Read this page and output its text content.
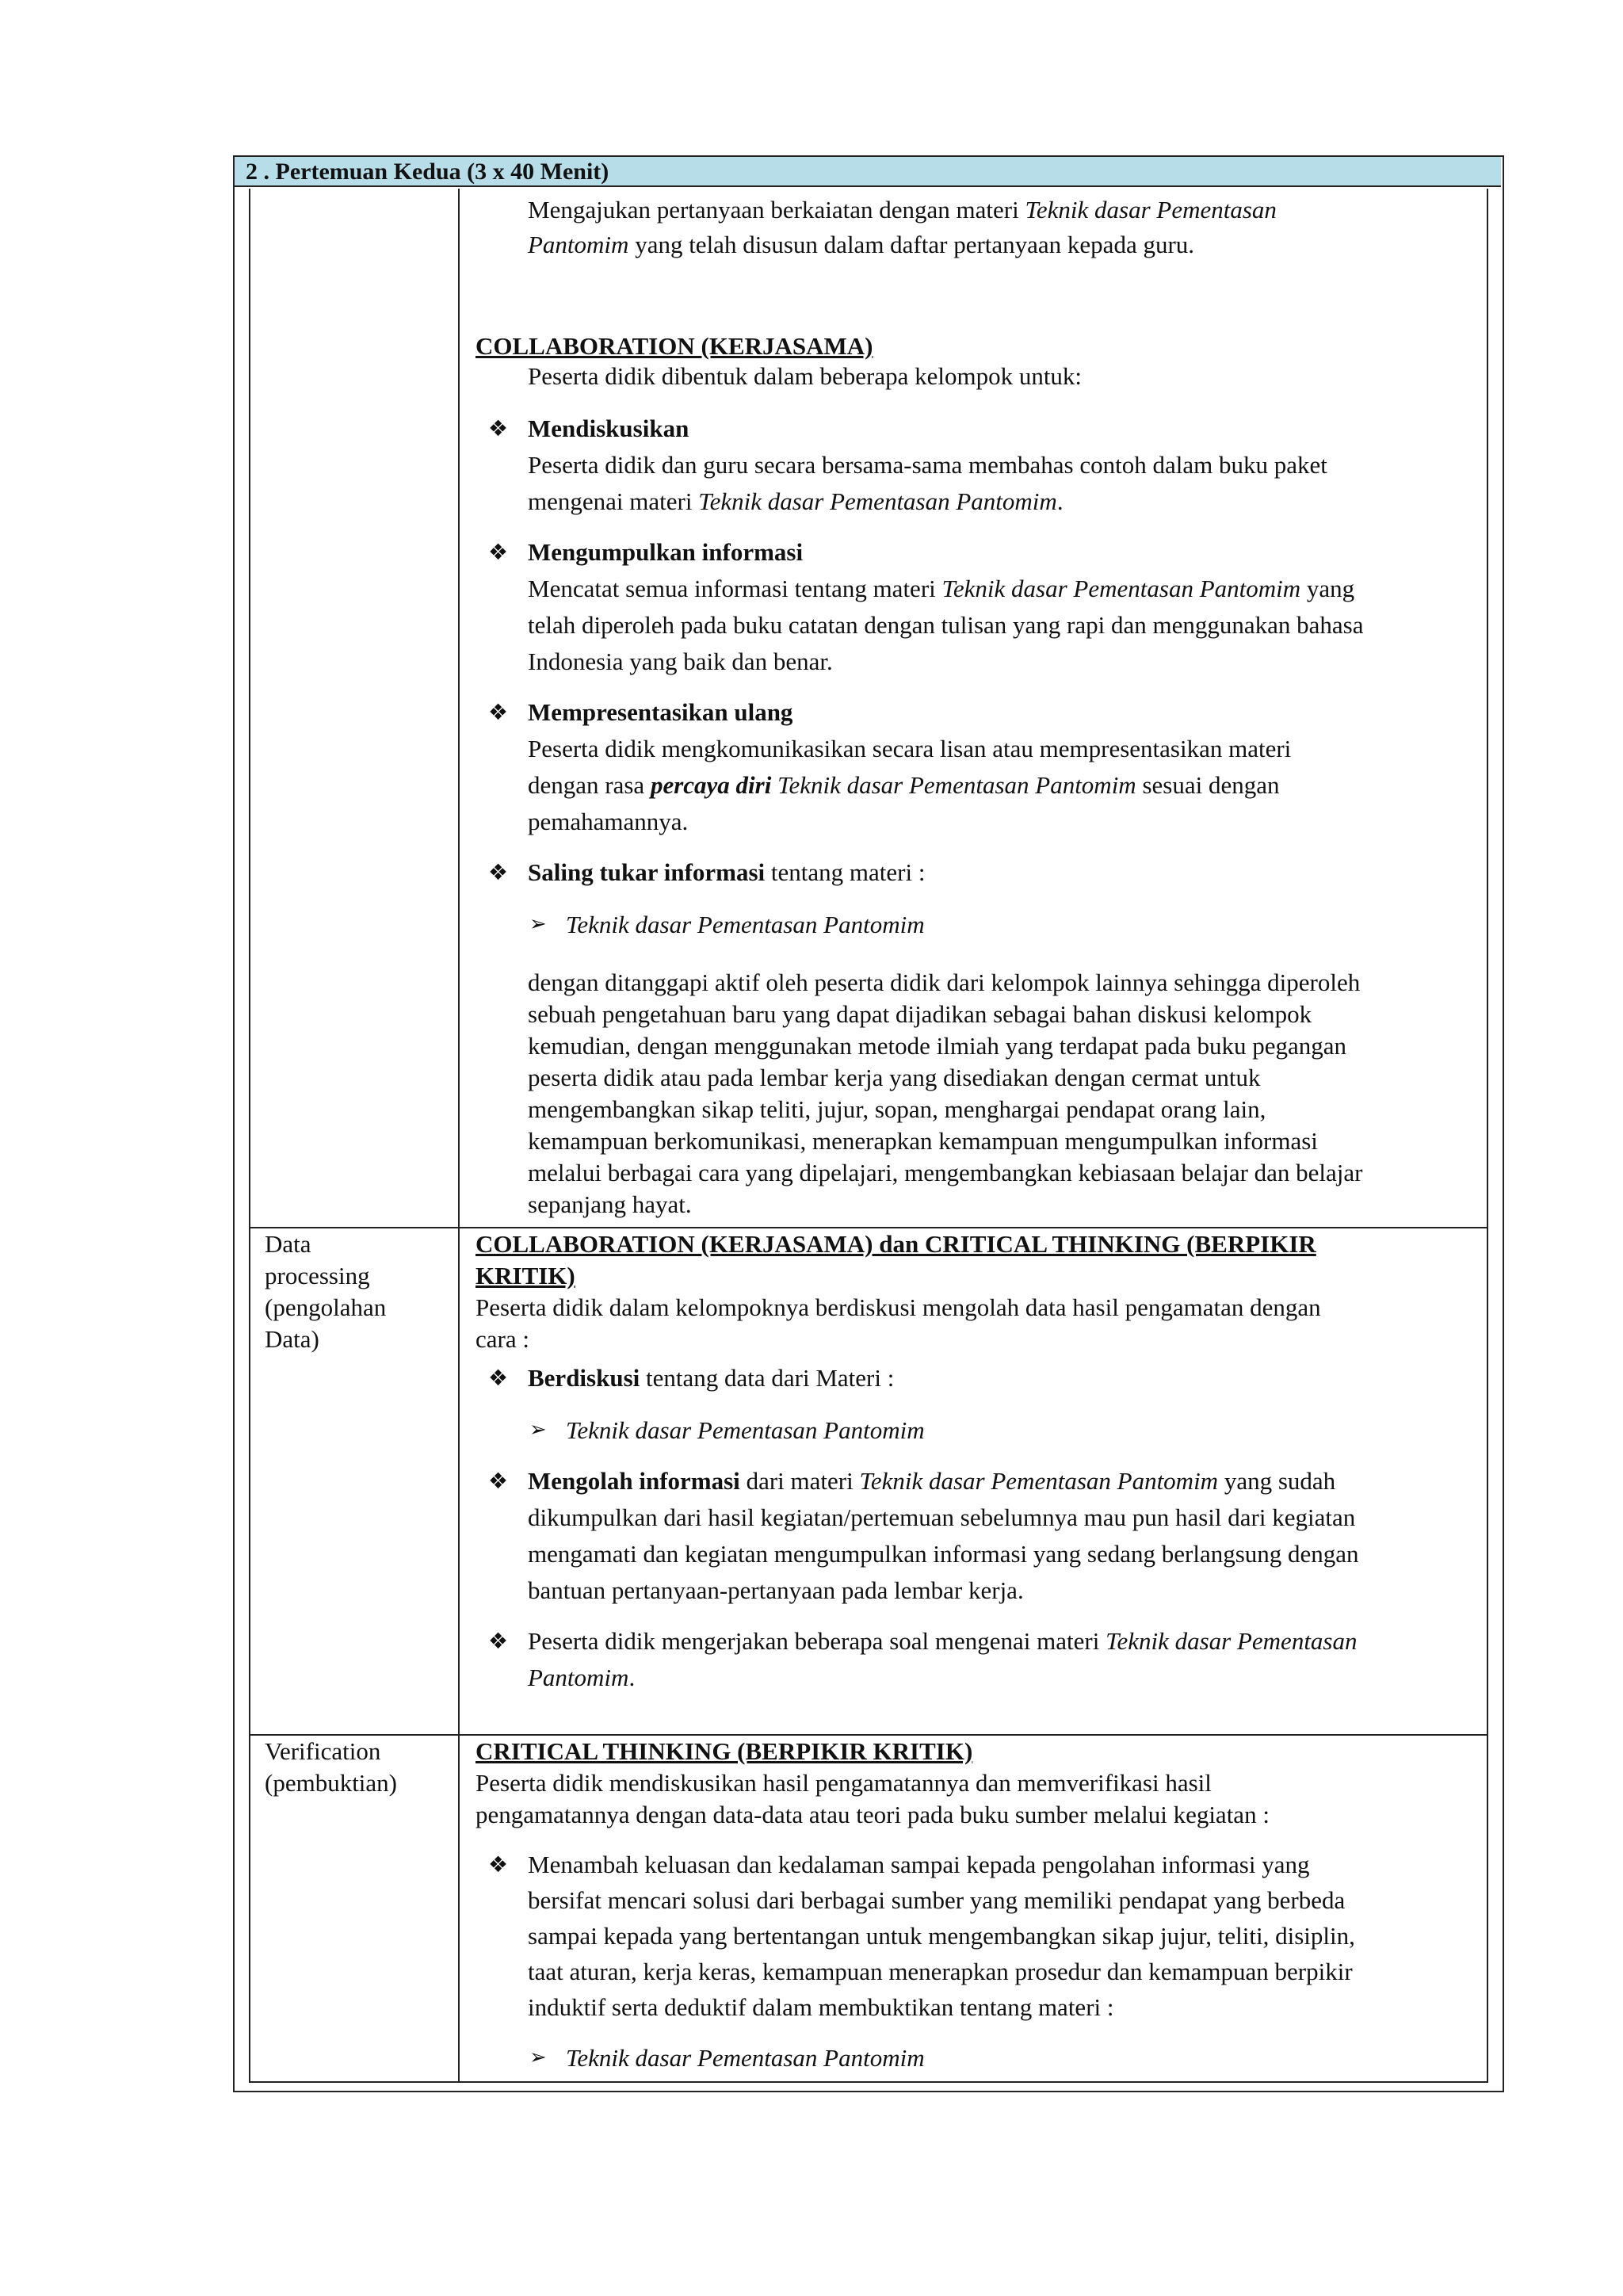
2 . Pertemuan Kedua (3 x 40 Menit)
Mengajukan pertanyaan berkaiatan dengan materi Teknik dasar Pementasan
Pantomim yang telah disusun dalam daftar pertanyaan kepada guru.
COLLABORATION (KERJASAMA)
Peserta didik dibentuk dalam beberapa kelompok untuk:
❖ Mendiskusikan
Peserta didik dan guru secara bersama-sama membahas contoh dalam buku paket
mengenai materi Teknik dasar Pementasan Pantomim.
❖ Mengumpulkan informasi
Mencatat semua informasi tentang materi Teknik dasar Pementasan Pantomim yang
telah diperoleh pada buku catatan dengan tulisan yang rapi dan menggunakan bahasa
Indonesia yang baik dan benar.
❖ Mempresentasikan ulang
Peserta didik mengkomunikasikan secara lisan atau mempresentasikan materi
dengan rasa percaya diri Teknik dasar Pementasan Pantomim sesuai dengan
pemahamannya.
❖ Saling tukar informasi tentang materi :
➢ Teknik dasar Pementasan Pantomim
dengan ditanggapi aktif oleh peserta didik dari kelompok lainnya sehingga diperoleh
sebuah pengetahuan baru yang dapat dijadikan sebagai bahan diskusi kelompok
kemudian, dengan menggunakan metode ilmiah yang terdapat pada buku pegangan
peserta didik atau pada lembar kerja yang disediakan dengan cermat untuk
mengembangkan sikap teliti, jujur, sopan, menghargai pendapat orang lain,
kemampuan berkomunikasi, menerapkan kemampuan mengumpulkan informasi
melalui berbagai cara yang dipelajari, mengembangkan kebiasaan belajar dan belajar
sepanjang hayat.
Data
processing
(pengolahan
Data)
COLLABORATION (KERJASAMA) dan CRITICAL THINKING (BERPIKIR
KRITIK)
Peserta didik dalam kelompoknya berdiskusi mengolah data hasil pengamatan dengan
cara :
❖ Berdiskusi tentang data dari Materi :
➢ Teknik dasar Pementasan Pantomim
❖ Mengolah informasi dari materi Teknik dasar Pementasan Pantomim yang sudah
dikumpulkan dari hasil kegiatan/pertemuan sebelumnya mau pun hasil dari kegiatan
mengamati dan kegiatan mengumpulkan informasi yang sedang berlangsung dengan
bantuan pertanyaan-pertanyaan pada lembar kerja.
❖ Peserta didik mengerjakan beberapa soal mengenai materi Teknik dasar Pementasan
Pantomim.
Verification
(pembuktian)
CRITICAL THINKING (BERPIKIR KRITIK)
Peserta didik mendiskusikan hasil pengamatannya dan memverifikasi hasil
pengamatannya dengan data-data atau teori pada buku sumber melalui kegiatan :
❖ Menambah keluasan dan kedalaman sampai kepada pengolahan informasi yang
bersifat mencari solusi dari berbagai sumber yang memiliki pendapat yang berbeda
sampai kepada yang bertentangan untuk mengembangkan sikap jujur, teliti, disiplin,
taat aturan, kerja keras, kemampuan menerapkan prosedur dan kemampuan berpikir
induktif serta deduktif dalam membuktikan tentang materi :
➢ Teknik dasar Pementasan Pantomim
